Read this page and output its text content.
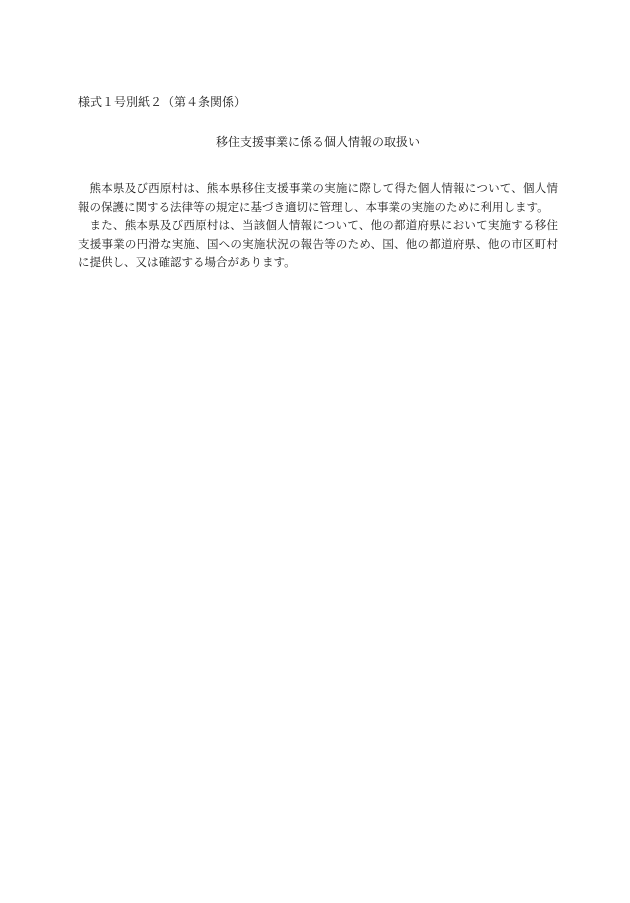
様式１号別紙２（第４条関係）
移住支援事業に係る個人情報の取扱い

熊本県及び西原村は、熊本県移住支援事業の実施に際して得た個人情報について、個人情報の保護に関する法律等の規定に基づき適切に管理し、本事業の実施のために利用します。

また、熊本県及び西原村は、当該個人情報について、他の都道府県において実施する移住支援事業の円滑な実施、国への実施状況の報告等のため、国、他の都道府県、他の市区町村に提供し、又は確認する場合があります。
